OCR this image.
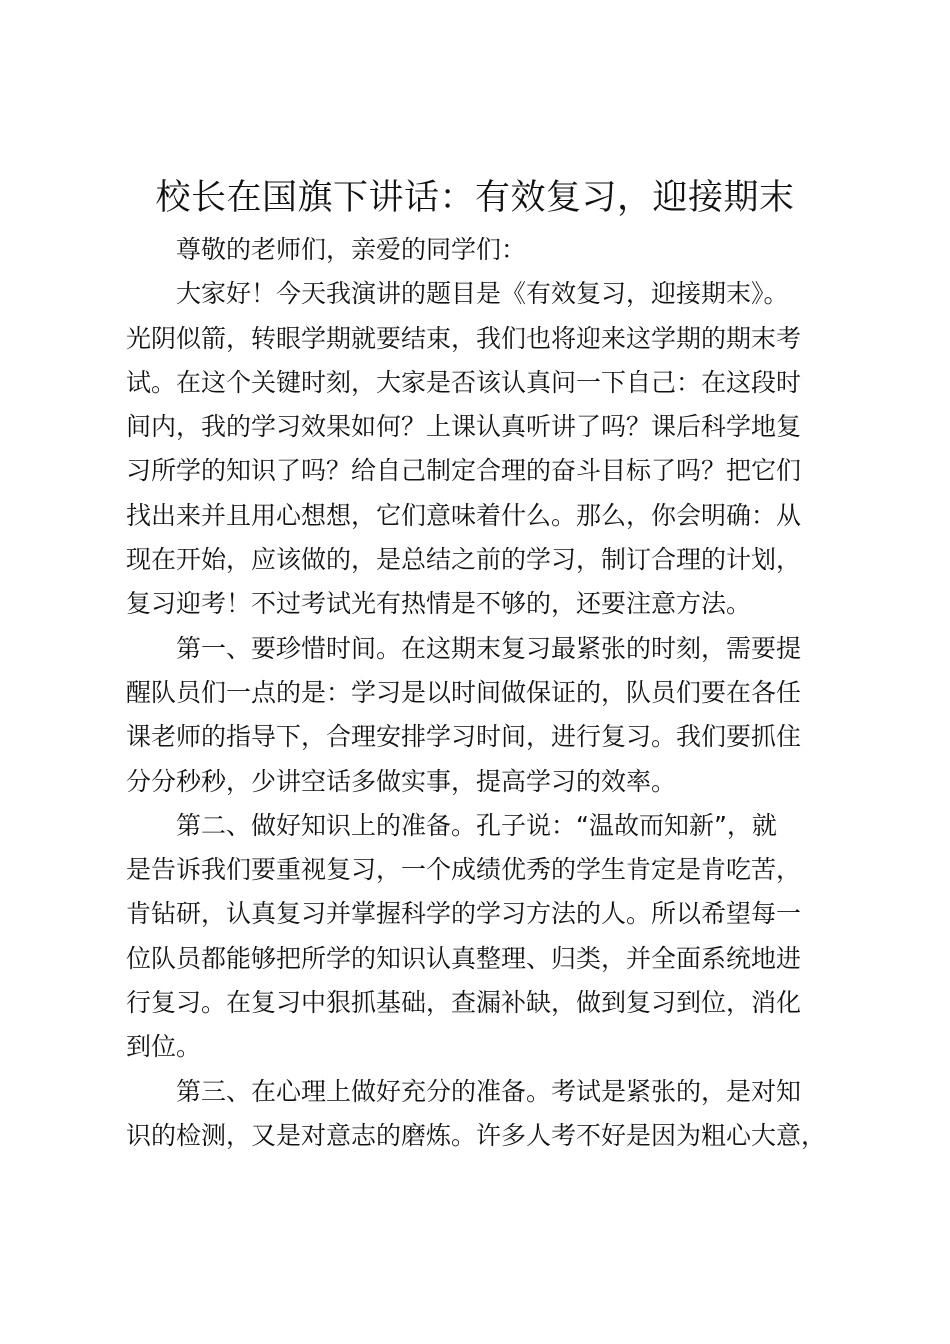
校长在国旗下讲话：有效复习，迎接期末

尊敬的老师们，亲爱的同学们：

大家好！今天我演讲的题目是《有效复习，迎接期末》。
光阴似箭，转眼学期就要结束，我们也将迎来这学期的期末考
试。在这个关键时刻，大家是否该认真问一下自己：在这段时
间内，我的学习效果如何？上课认真听讲了吗？课后科学地复
习所学的知识了吗？给自己制定合理的奋斗目标了吗？把它们
找出来并且用心想想，它们意味着什么。那么，你会明确：从
现在开始，应该做的，是总结之前的学习，制订合理的计划，
复习迎考！不过考试光有热情是不够的，还要注意方法。

第一、要珍惜时间。在这期末复习最紧张的时刻，需要提
醒队员们一点的是：学习是以时间做保证的，队员们要在各任
课老师的指导下，合理安排学习时间，进行复习。我们要抓住
分分秒秒，少讲空话多做实事，提高学习的效率。

第二、做好知识上的准备。孔子说：“温故而知新”，就
是告诉我们要重视复习，一个成绩优秀的学生肯定是肯吃苦，
肯钻研，认真复习并掌握科学的学习方法的人。所以希望每一
位队员都能够把所学的知识认真整理、归类，并全面系统地进
行复习。在复习中狠抓基础，查漏补缺，做到复习到位，消化
到位。

第三、在心理上做好充分的准备。考试是紧张的，是对知
识的检测，又是对意志的磨炼。许多人考不好是因为粗心大意，
